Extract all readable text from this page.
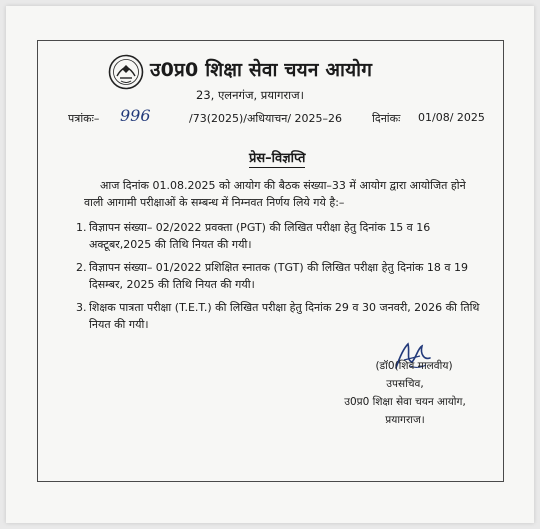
उ0प्र0 शिक्षा सेवा चयन आयोग
23, एलनगंज, प्रयागराज।
पत्रांकः– 996	/73(2025)/अधियाचन/ 2025–26	दिनांकः 01/08/ 2025
प्रेस–विज्ञप्ति
आज दिनांक 01.08.2025 को आयोग की बैठक संख्या–33 में आयोग द्वारा आयोजित होने वाली आगामी परीक्षाओं के सम्बन्ध में निम्नवत निर्णय लिये गये है:–
1. विज्ञापन संख्या– 02/2022 प्रवक्ता (PGT) की लिखित परीक्षा हेतु दिनांक 15 व 16 अक्टूबर,2025 की तिथि नियत की गयी।
2. विज्ञापन संख्या– 01/2022 प्रशिक्षित स्नातक (TGT) की लिखित परीक्षा हेतु दिनांक 18 व 19 दिसम्बर, 2025 की तिथि नियत की गयी।
3. शिक्षक पात्रता परीक्षा (T.E.T.) की लिखित परीक्षा हेतु दिनांक 29 व 30 जनवरी, 2026 की तिथि नियत की गयी।
(डॉ0(शिव मालवीय)
उपसचिव,
उ0प्र0 शिक्षा सेवा चयन आयोग,
प्रयागराज।
